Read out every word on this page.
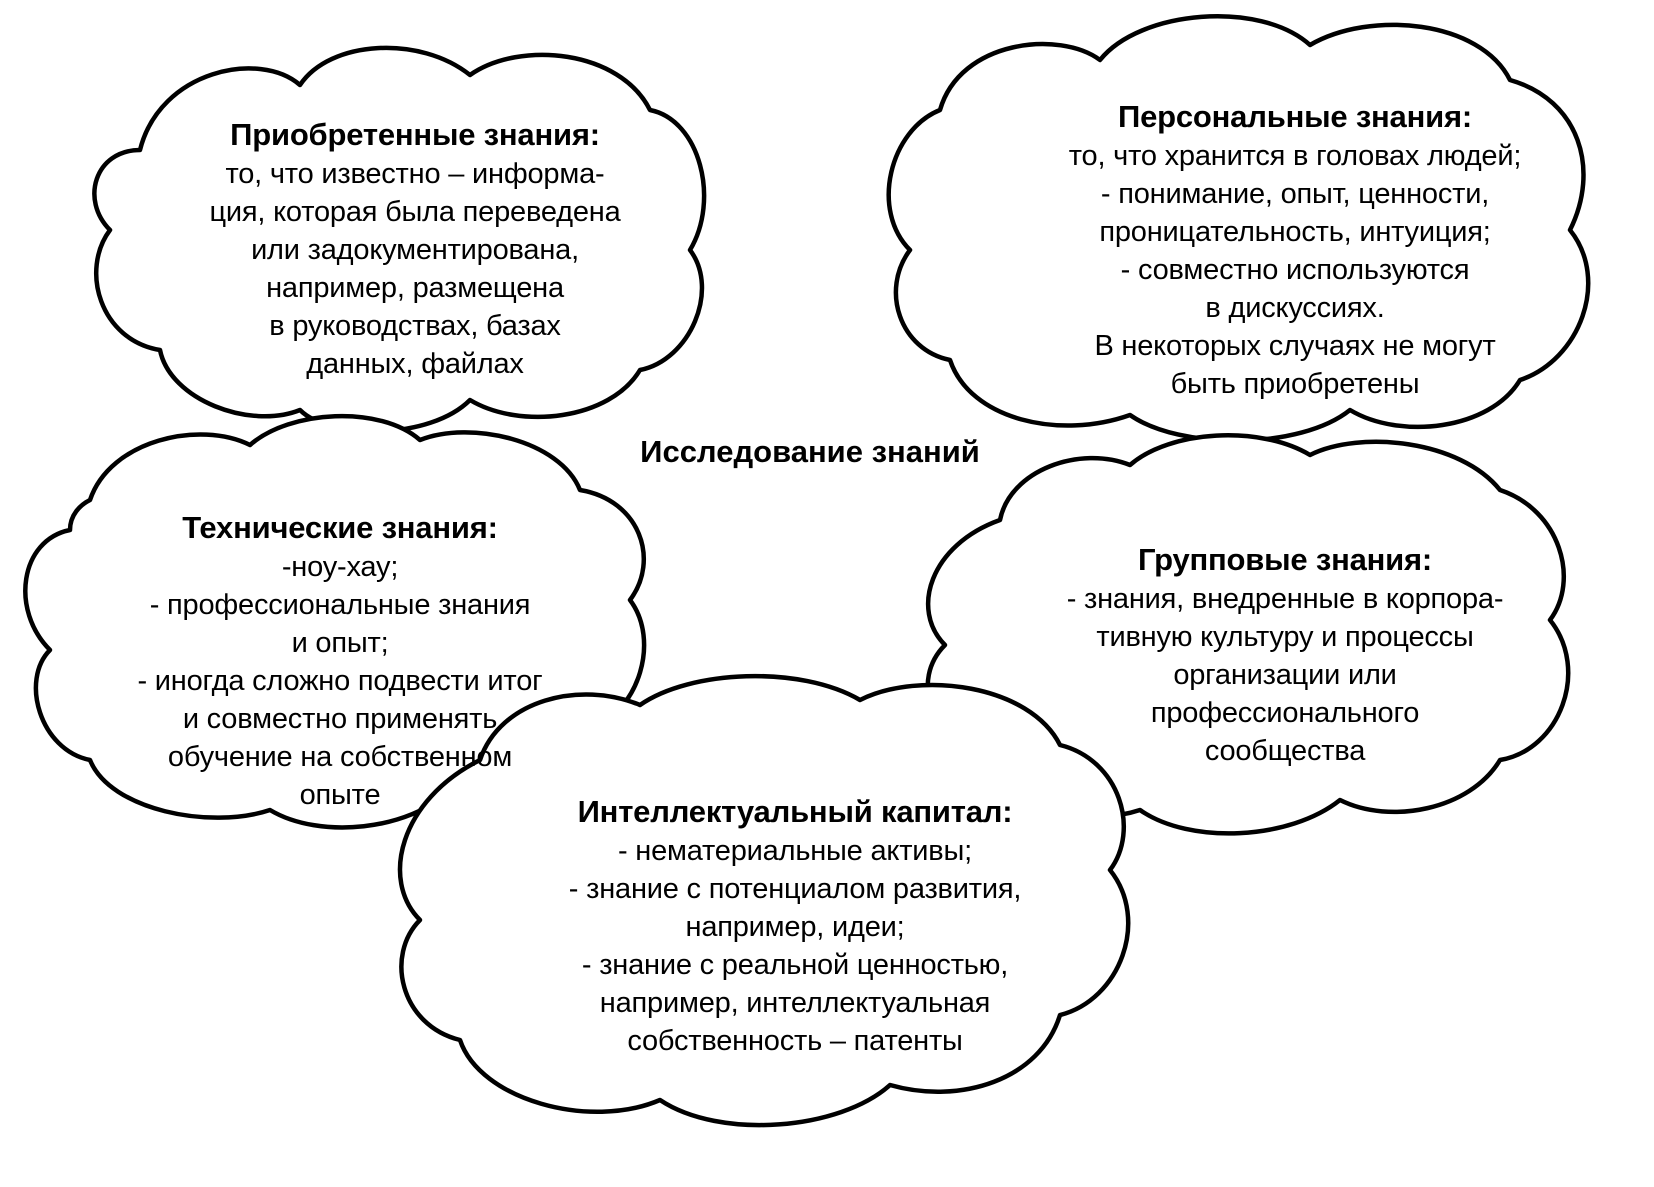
Исследование знаний
Приобретенные знания:
то, что известно – информа-
ция, которая была переведена
или задокументирована,
например, размещена
в руководствах, базах
данных, файлах
Персональные знания:
то, что хранится в головах людей;
- понимание, опыт, ценности,
проницательность, интуиция;
- совместно используются
в дискуссиях.
В некоторых случаях не могут
быть приобретены
Технические знания:
-ноу-хау;
- профессиональные знания
и опыт;
- иногда сложно подвести итог
и совместно применять
обучение на собственном
опыте
Групповые знания:
- знания, внедренные в корпора-
тивную культуру и процессы
организации или
профессионального
сообщества
Интеллектуальный капитал:
- нематериальные активы;
- знание с потенциалом развития,
например, идеи;
- знание с реальной ценностью,
например, интеллектуальная
собственность – патенты
